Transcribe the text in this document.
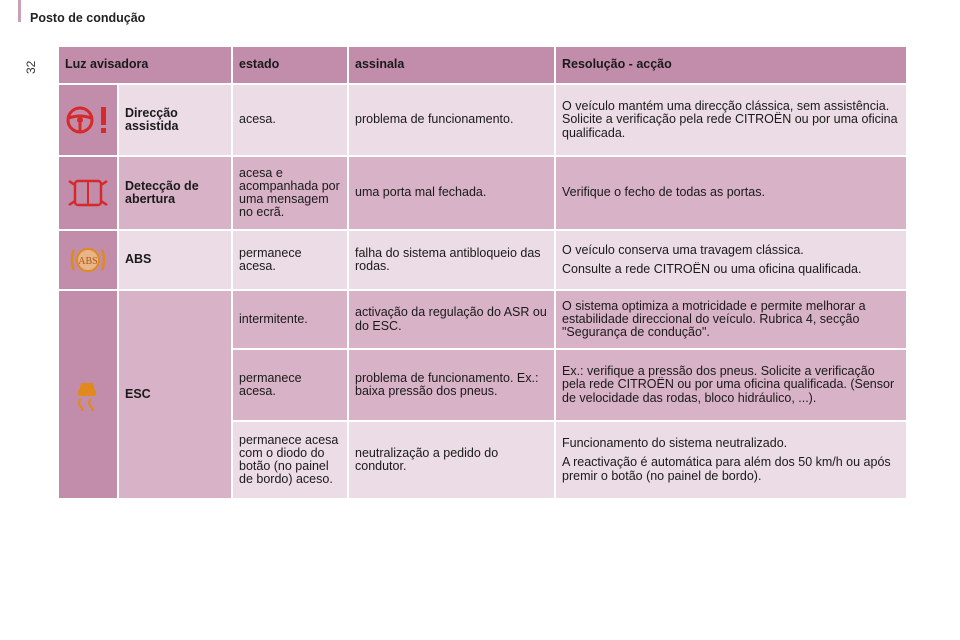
32
Posto de condução
Luz avisadora		estado	assinala	Resolução - acção

	Direcção assistida	acesa.	problema de funcionamento.	O veículo mantém uma direcção clássica, sem assistência. Solicite a verificação pela rede CITROËN ou por uma oficina qualificada.

	Detecção de abertura	acesa e acompanhada por uma mensagem no ecrã.	uma porta mal fechada.	Verifique o fecho de todas as portas.

ABS	ABS	permanece acesa.	falha do sistema antibloqueio das rodas.	O veículo conserva uma travagem clássica.
Consulte a rede CITROËN ou uma oficina qualificada.

	ESC	intermitente.	activação da regulação do ASR ou do ESC.	O sistema optimiza a motricidade e permite melhorar a estabilidade direccional do veículo. Rubrica 4, secção "Segurança de condução".

		permanece acesa.	problema de funcionamento. Ex.: baixa pressão dos pneus.	Ex.: verifique a pressão dos pneus. Solicite a verificação pela rede CITROËN ou por uma oficina qualificada. (Sensor de velocidade das rodas, bloco hidráulico, ...).

		permanece acesa com o diodo do botão (no painel de bordo) aceso.	neutralização a pedido do condutor.	Funcionamento do sistema neutralizado.
A reactivação é automática para além dos 50 km/h ou após premir o botão (no painel de bordo).
